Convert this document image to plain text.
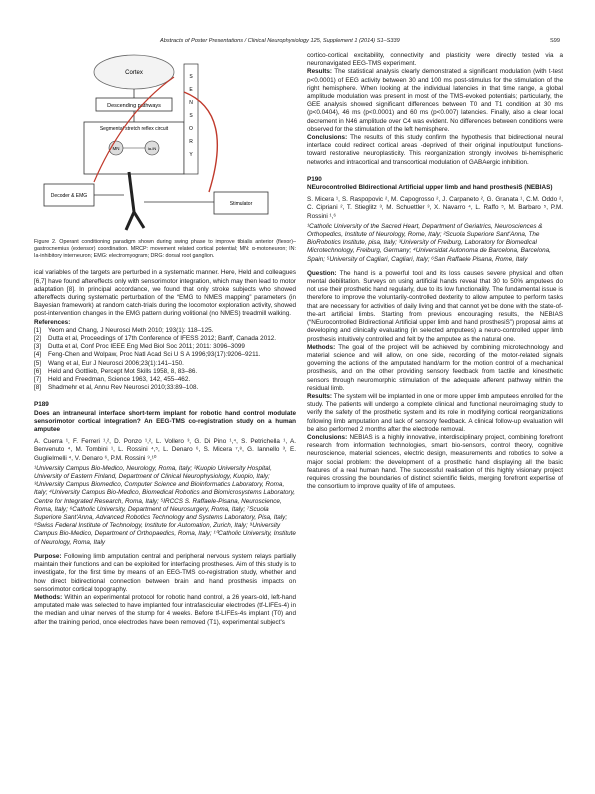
Abstracts of Poster Presentations / Clinical Neurophysiology 125, Supplement 1 (2014) S1–S339	S99
Cortex
Descending pathways
Segmental stretch reflex circuit
MN	Ia-IN
S
E
N
S
O
R
Y
Decoder & EMG
Stimulator

Figure 2. Operant conditioning paradigm shown during swing phase to improve tibialis anterior (flexor)–gastrocnemius (extensor) coordination. MRCP: movement related cortical potential; MN: α-motoneuron; IN: Ia-inhibitory interneuron; EMG: electromyogram; DRG: dorsal root ganglion.

ical variables of the targets are perturbed in a systematic manner. Here, Held and colleagues [6,7] have found aftereffects only with sensorimotor integration, which may then lead to motor adaptation [8]. In principal accordance, we found that only stroke subjects who showed aftereffects during systematic perturbation of the “EMG to NMES mapping” parameters (in Bayesian framework) at random catch-trials during the locomotor exploration activity, showed post-intervention changes in the EMG pattern during volitional (no NMES) treadmill walking.

References:

[1]	Yeom and Chang, J Neurosci Meth 2010; 193(1): 118–125.
[2]	Dutta et al, Proceedings of 17th Conference of IFESS 2012; Banff, Canada 2012.
[3]	Dutta et al, Conf Proc IEEE Eng Med Biol Soc 2011; 2011: 3096–3099
[4]	Feng-Chen and Wolpaw, Proc Natl Acad Sci U S A 1996;93(17):9206–9211.
[5]	Wang et al, Eur J Neurosci 2006;23(1):141–150.
[6]	Held and Gottlieb, Percept Mot Skills 1958, 8, 83–86.
[7]	Held and Freedman, Science 1963, 142, 455–462.
[8]	Shadmehr et al, Annu Rev Neurosci 2010;33:89–108.

P189

Does an intraneural interface short-term implant for robotic hand control modulate sensorimotor cortical integration? An EEG-TMS co-registration study on a human amputee

A. Cuerra ¹, F. Ferreri ¹,², D. Ponzo ¹,², L. Vollero ³, G. Di Pino ¹,⁴, S. Petrichella ¹, A. Benvenuto ⁴, M. Tombini ¹, L. Rossini ⁴,⁵, L. Denaro ⁶, S. Micera ⁷,⁸, G. Iannello ³, E. Guglielmelli ⁴, V. Denaro ⁶, P.M. Rossini ⁹,¹⁰

¹University Campus Bio-Medico, Neurology, Roma, Italy; ²Kuopio University Hospital, University of Eastern Finland, Department of Clinical Neurophysiology, Kuopio, Italy; ³University Campus Biomedico, Computer Science and Bioinformatics Laboratory, Roma, Italy; ⁴University Campus Bio-Medico, Biomedical Robotics and Biomicrosystems Laboratory, Centre for Integrated Research, Roma, Italy; ⁵IRCCS S. Raffaele-Pisana, Neuroscience, Roma, Italy; ⁶Catholic University, Department of Neurosurgery, Roma, Italy; ⁷Scuola Superiore Sant'Anna, Advanced Robotics Technology and Systems Laboratory, Pisa, Italy; ⁸Swiss Federal Institute of Technology, Institute for Automation, Zurich, Italy; ⁹University Campus Bio-Medico, Department of Orthopaedics, Roma, Italy; ¹⁰Catholic University, Institute of Neurology, Roma, Italy

Purpose: Following limb amputation central and peripheral nervous system relays partially maintain their functions and can be exploited for interfacing prostheses. Aim of this study is to investigate, for the first time by means of an EEG-TMS co-registration study, whether and how direct bidirectional connection between brain and hand prosthesis impacts on sensorimotor cortical topography.

Methods: Within an experimental protocol for robotic hand control, a 26 years-old, left-hand amputated male was selected to have implanted four intrafascicular electrodes (tf-LIFEs-4) in the median and ulnar nerves of the stump for 4 weeks. Before tf-LIFEs-4s implant (T0) and after the training period, once electrodes have been removed (T1), experimental subject's

cortico-cortical excitability, connectivity and plasticity were directly tested via a neuronavigated EEG-TMS experiment.

Results: The statistical analysis clearly demonstrated a significant modulation (with t-test p<0.0001) of EEG activity between 30 and 100 ms post-stimulus for the stimulation of the right hemisphere. When looking at the individual latencies in that time range, a global amplitude modulation was present in most of the TMS-evoked potentials; particularly, the GEE analysis showed significant differences between T0 and T1 condition at 30 ms (p<0.0404), 46 ms (p<0.0001) and 60 ms (p<0.007) latencies. Finally, also a clear local decrement in N46 amplitude over C4 was evident. No differences between conditions were observed for the stimulation of the left hemisphere.

Conclusions: The results of this study confirm the hypothesis that bidirectional neural interface could redirect cortical areas -deprived of their original input/output functions- toward restorative neuroplasticity. This reorganization strongly involves bi-hemispheric networks and intracortical and transcortical modulation of GABAergic inhibition.

P190

NEurocontrolled BIdirectional Artificial upper limb and hand prosthesiS (NEBIAS)

S. Micera ¹, S. Raspopovic ², M. Capogrosso ², J. Carpaneto ², G. Granata ¹, C.M. Oddo ², C. Cipriani ², T. Stieglitz ³, M. Schuettler ³, X. Navarro ⁴, L. Raffo ⁵, M. Barbaro ⁵, P.M. Rossini ¹,⁶

¹Catholic University of the Sacred Heart, Department of Geriatrics, Neurosciences & Orthopedics, Institute of Neurology, Rome, Italy; ²Scuola Superiore Sant'Anna, The BioRobotics Institute, pisa, Italy; ³University of Freiburg, Laboratory for Biomedical Microtechnology, Freiburg, Germany; ⁴Universidat Autonoma de Barcelona, Barcelona, Spain; ⁵University of Cagliari, Cagliari, Italy; ⁶San Raffaele Pisana, Rome, Italy

Question: The hand is a powerful tool and its loss causes severe physical and often mental debilitation. Surveys on using artificial hands reveal that 30 to 50% amputees do not use their prosthetic hand regularly, due to its low functionality. The fundamental issue is therefore to improve the voluntarily-controlled dexterity to allow amputee to perform tasks that are necessary for activities of daily living and that cannot yet be done with the state-of-the-art artificial limbs. Starting from previous encouraging results, the NEBIAS (“NEurocontrolled BIdirectional Artificial upper limb and hand prosthesiS”) proposal aims at developing and clinically evaluating (in selected amputees) a neuro-controlled upper limb prosthesis intuitively controlled and felt by the amputee as the natural one.

Methods: The goal of the project will be achieved by combining microtechnology and material science and will allow, on one side, recording of the motor-related signals governing the actions of the amputated hand/arm for the motion control of a mechanical prosthesis, and on the other providing sensory feedback from tactile and kinesthetic sensors through neuromorphic stimulation of the adequate afferent pathway within the residual limb.

Results: The system will be implanted in one or more upper limb amputees enrolled for the study. The patients will undergo a complete clinical and functional neuroimaging study to verify the safety of the prosthetic system and its role in modifying cortical reorganizations following limb amputation and lack of sensory feedback. A clinical follow-up evaluation will be also performed 2 months after the electrode removal.

Conclusions: NEBIAS is a highly innovative, interdisciplinary project, combining forefront research from information technologies, smart bio-sensors, control theory, cognitive neuroscience, material sciences, electric design, measurements and robotics to solve a major social problem: the development of a prosthetic hand displaying all the basic features of a real human hand. The successful realisation of this highly visionary project requires crossing the boundaries of distinct scientific fields, merging forefront expertise of the consortium to improve quality of life of amputees.
